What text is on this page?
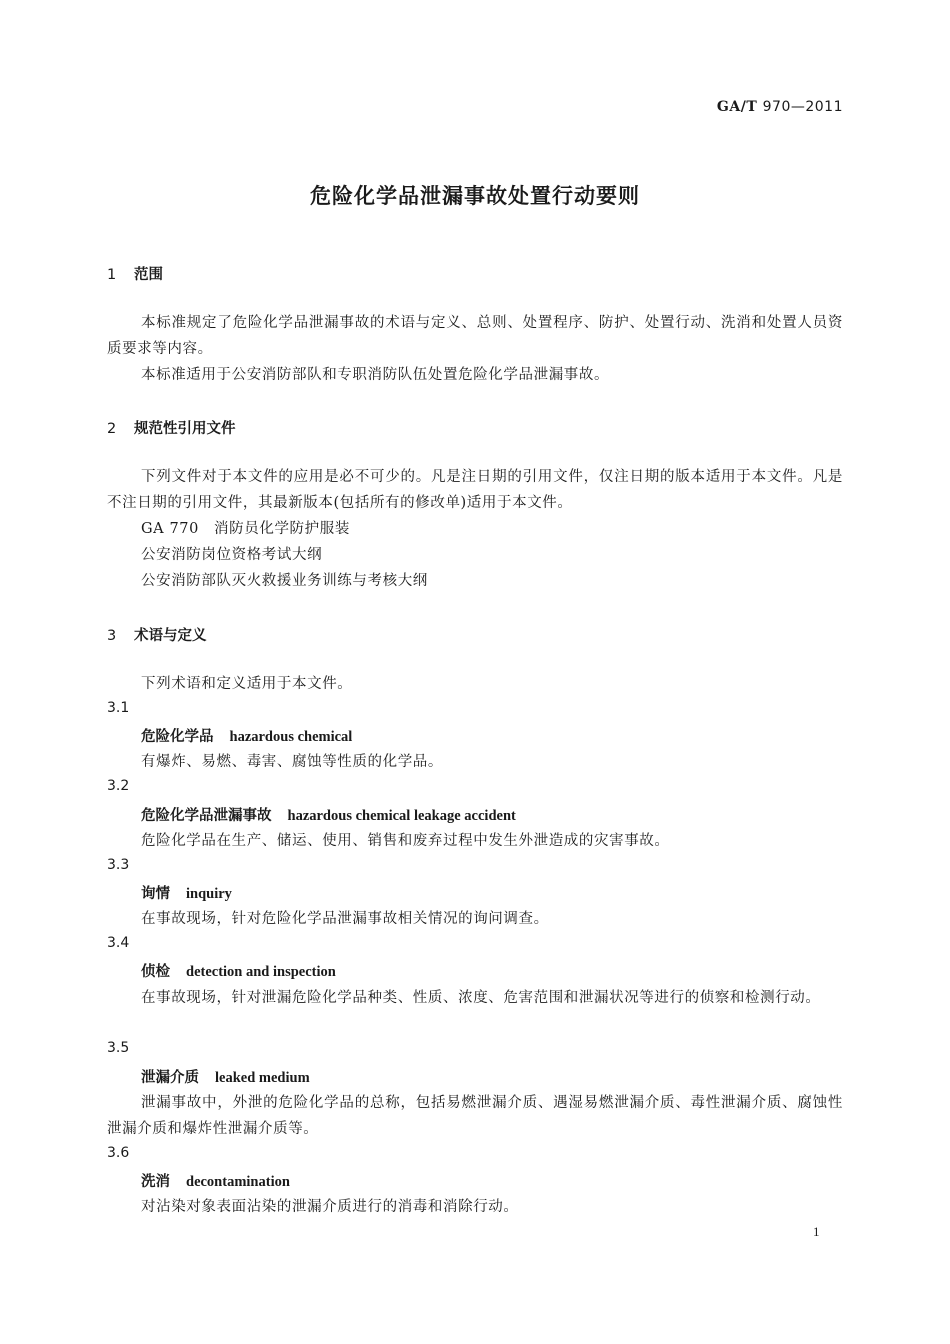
GA/T 970—2011
危险化学品泄漏事故处置行动要则
1 范围
本标准规定了危险化学品泄漏事故的术语与定义、总则、处置程序、防护、处置行动、洗消和处置人员资质要求等内容。
本标准适用于公安消防部队和专职消防队伍处置危险化学品泄漏事故。
2 规范性引用文件
下列文件对于本文件的应用是必不可少的。凡是注日期的引用文件，仅注日期的版本适用于本文件。凡是不注日期的引用文件，其最新版本(包括所有的修改单)适用于本文件。
GA 770　消防员化学防护服装
公安消防岗位资格考试大纲
公安消防部队灭火救援业务训练与考核大纲
3 术语与定义
下列术语和定义适用于本文件。
3.1
危险化学品 hazardous chemical
有爆炸、易燃、毒害、腐蚀等性质的化学品。
3.2
危险化学品泄漏事故 hazardous chemical leakage accident
危险化学品在生产、储运、使用、销售和废弃过程中发生外泄造成的灾害事故。
3.3
询情 inquiry
在事故现场，针对危险化学品泄漏事故相关情况的询问调查。
3.4
侦检 detection and inspection
在事故现场，针对泄漏危险化学品种类、性质、浓度、危害范围和泄漏状况等进行的侦察和检测行动。
3.5
泄漏介质 leaked medium
泄漏事故中，外泄的危险化学品的总称，包括易燃泄漏介质、遇湿易燃泄漏介质、毒性泄漏介质、腐蚀性泄漏介质和爆炸性泄漏介质等。
3.6
洗消 decontamination
对沾染对象表面沾染的泄漏介质进行的消毒和消除行动。
1
